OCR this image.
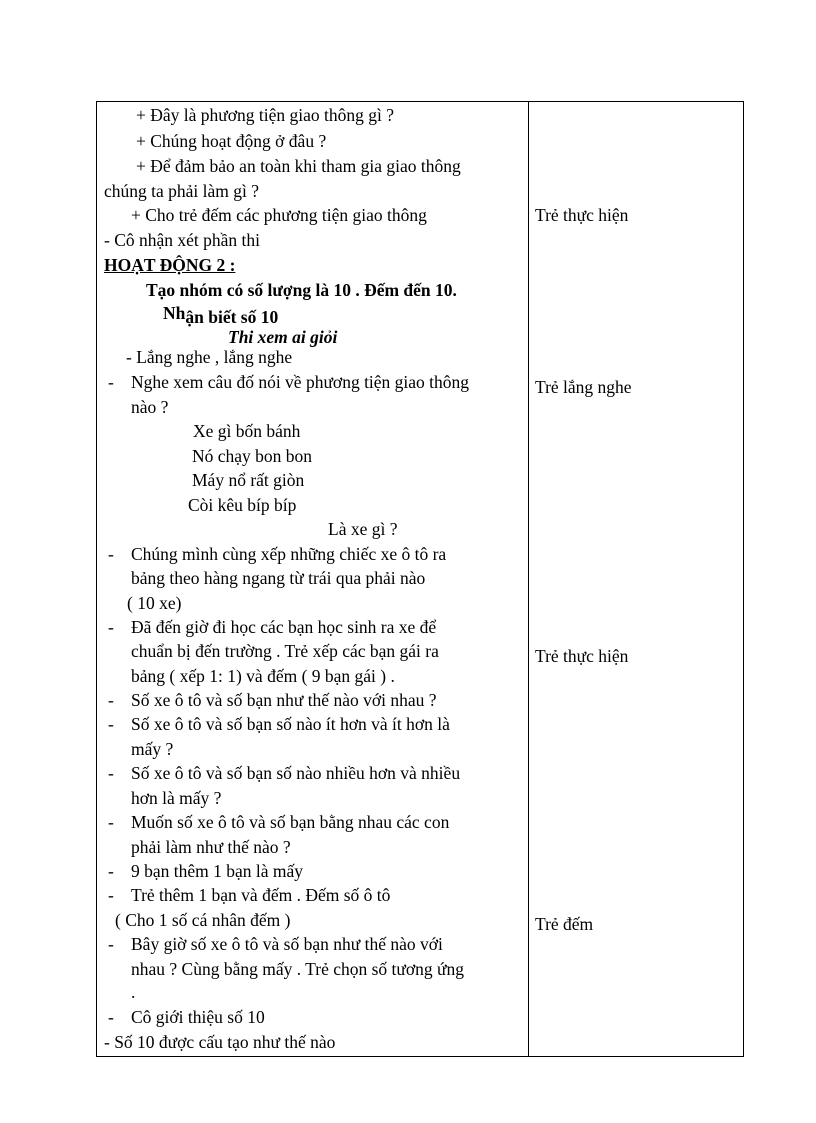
+ Đây là phương tiện giao thông gì ?
+ Chúng hoạt động ở đâu ?
+ Để đảm bảo an toàn khi tham gia giao thông
chúng ta phải làm gì ?
+ Cho trẻ đếm các phương tiện giao thông
- Cô nhận xét phần thi
HOẠT ĐỘNG 2 :
Tạo nhóm có số lượng là 10 . Đếm đến 10.
Nhận biết số 10
Thi xem ai giỏi
- Lắng nghe , lắng nghe
- Nghe xem câu đố nói về phương tiện giao thông
nào ?
Xe gì bốn bánh
Nó chạy bon bon
Máy nổ rất giòn
Còi kêu bíp bíp
Là xe gì ?
- Chúng mình cùng xếp những chiếc xe ô tô ra
bảng theo hàng ngang từ trái qua phải nào
( 10 xe)
- Đã đến giờ đi học các bạn học sinh ra xe để
chuẩn bị đến trường . Trẻ xếp các bạn gái ra
bảng ( xếp 1: 1) và đếm ( 9 bạn gái ) .
- Số xe ô tô và số bạn như thế nào với nhau ?
- Số xe ô tô và số bạn số nào ít hơn và ít hơn là
mấy ?
- Số xe ô tô và số bạn số nào nhiều hơn và nhiều
hơn là mấy ?
- Muốn số xe ô tô và số bạn bằng nhau các con
phải làm như thế nào ?
- 9 bạn thêm 1 bạn là mấy
- Trẻ thêm 1 bạn và đếm . Đếm số ô tô
( Cho 1 số cá nhân đếm )
- Bây giờ số xe ô tô và số bạn như thế nào với
nhau ? Cùng bằng mấy . Trẻ chọn số tương ứng
.
- Cô giới thiệu số 10
- Số 10 được cấu tạo như thế nào
Trẻ thực hiện
Trẻ lắng nghe
Trẻ thực hiện
Trẻ đếm
